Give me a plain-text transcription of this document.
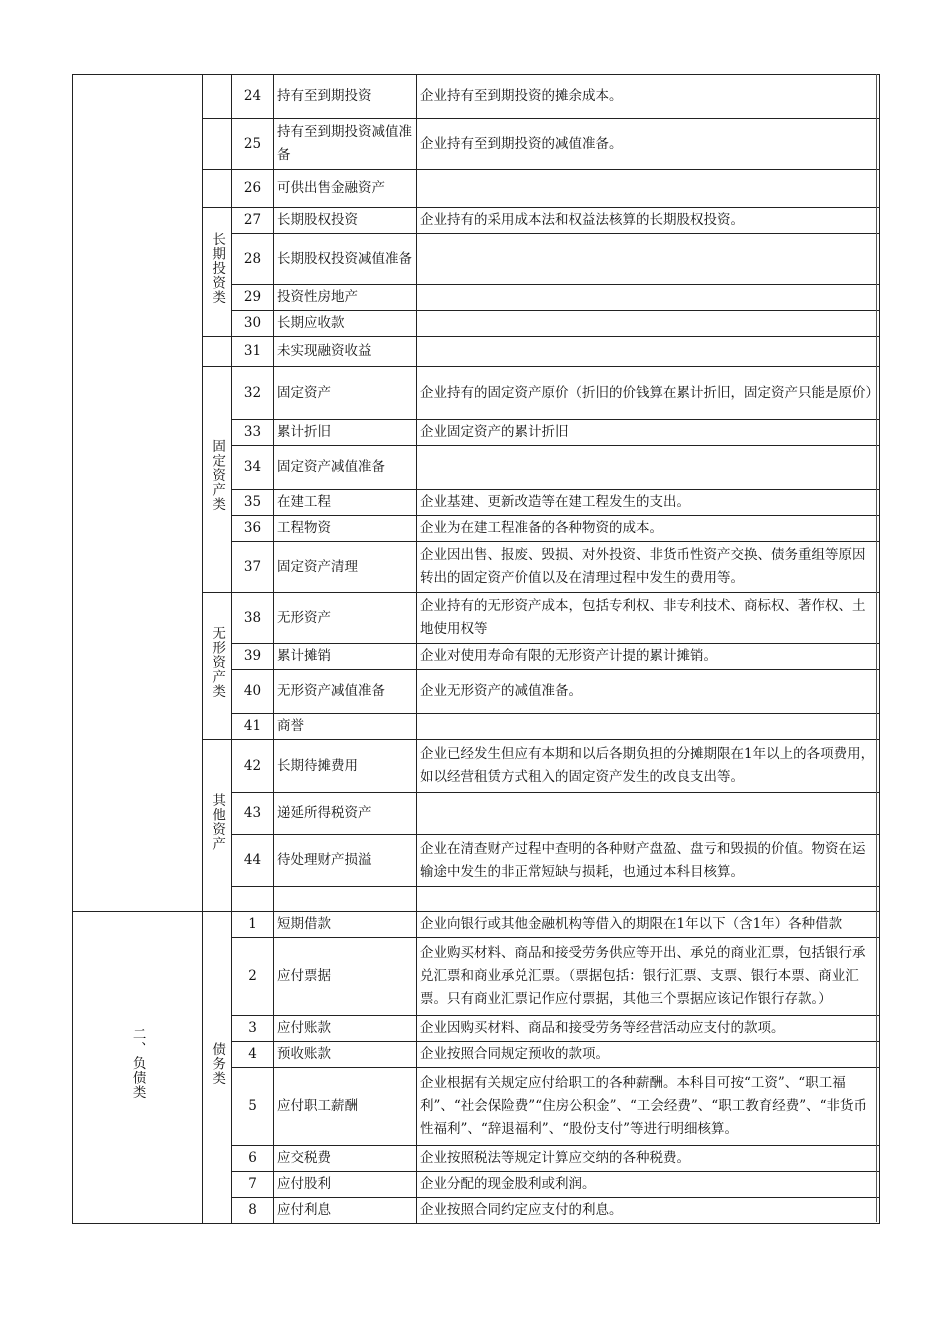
		24	持有至到期投资	企业持有至到期投资的摊余成本。
		25	持有至到期投资减值准备	企业持有至到期投资的减值准备。
		26	可供出售金融资产	
	长期投资类	27	长期股权投资	企业持有的采用成本法和权益法核算的长期股权投资。
		28	长期股权投资减值准备	
		29	投资性房地产	
		30	长期应收款	
		31	未实现融资收益	
	固定资产类	32	固定资产	企业持有的固定资产原价（折旧的价钱算在累计折旧，固定资产只能是原价）
		33	累计折旧	企业固定资产的累计折旧
		34	固定资产减值准备	
		35	在建工程	企业基建、更新改造等在建工程发生的支出。
		36	工程物资	企业为在建工程准备的各种物资的成本。
		37	固定资产清理	企业因出售、报废、毁损、对外投资、非货币性资产交换、债务重组等原因转出的固定资产价值以及在清理过程中发生的费用等。
	无形资产类	38	无形资产	企业持有的无形资产成本，包括专利权、非专利技术、商标权、著作权、土地使用权等
		39	累计摊销	企业对使用寿命有限的无形资产计提的累计摊销。
		40	无形资产减值准备	企业无形资产的减值准备。
		41	商誉	
	其他资产	42	长期待摊费用	企业已经发生但应有本期和以后各期负担的分摊期限在1年以上的各项费用，如以经营租赁方式租入的固定资产发生的改良支出等。
		43	递延所得税资产	
		44	待处理财产损溢	企业在清查财产过程中查明的各种财产盘盈、盘亏和毁损的价值。物资在运输途中发生的非正常短缺与损耗，也通过本科目核算。

二、负债类	债务类	1	短期借款	企业向银行或其他金融机构等借入的期限在1年以下（含1年）各种借款
		2	应付票据	企业购买材料、商品和接受劳务供应等开出、承兑的商业汇票，包括银行承兑汇票和商业承兑汇票。（票据包括：银行汇票、支票、银行本票、商业汇票。只有商业汇票记作应付票据，其他三个票据应该记作银行存款。）
		3	应付账款	企业因购买材料、商品和接受劳务等经营活动应支付的款项。
		4	预收账款	企业按照合同规定预收的款项。
		5	应付职工薪酬	企业根据有关规定应付给职工的各种薪酬。本科目可按“工资”、“职工福利”、“社会保险费”“住房公积金”、“工会经费”、“职工教育经费”、“非货币性福利”、“辞退福利”、“股份支付”等进行明细核算。
		6	应交税费	企业按照税法等规定计算应交纳的各种税费。
		7	应付股利	企业分配的现金股利或利润。
		8	应付利息	企业按照合同约定应支付的利息。
